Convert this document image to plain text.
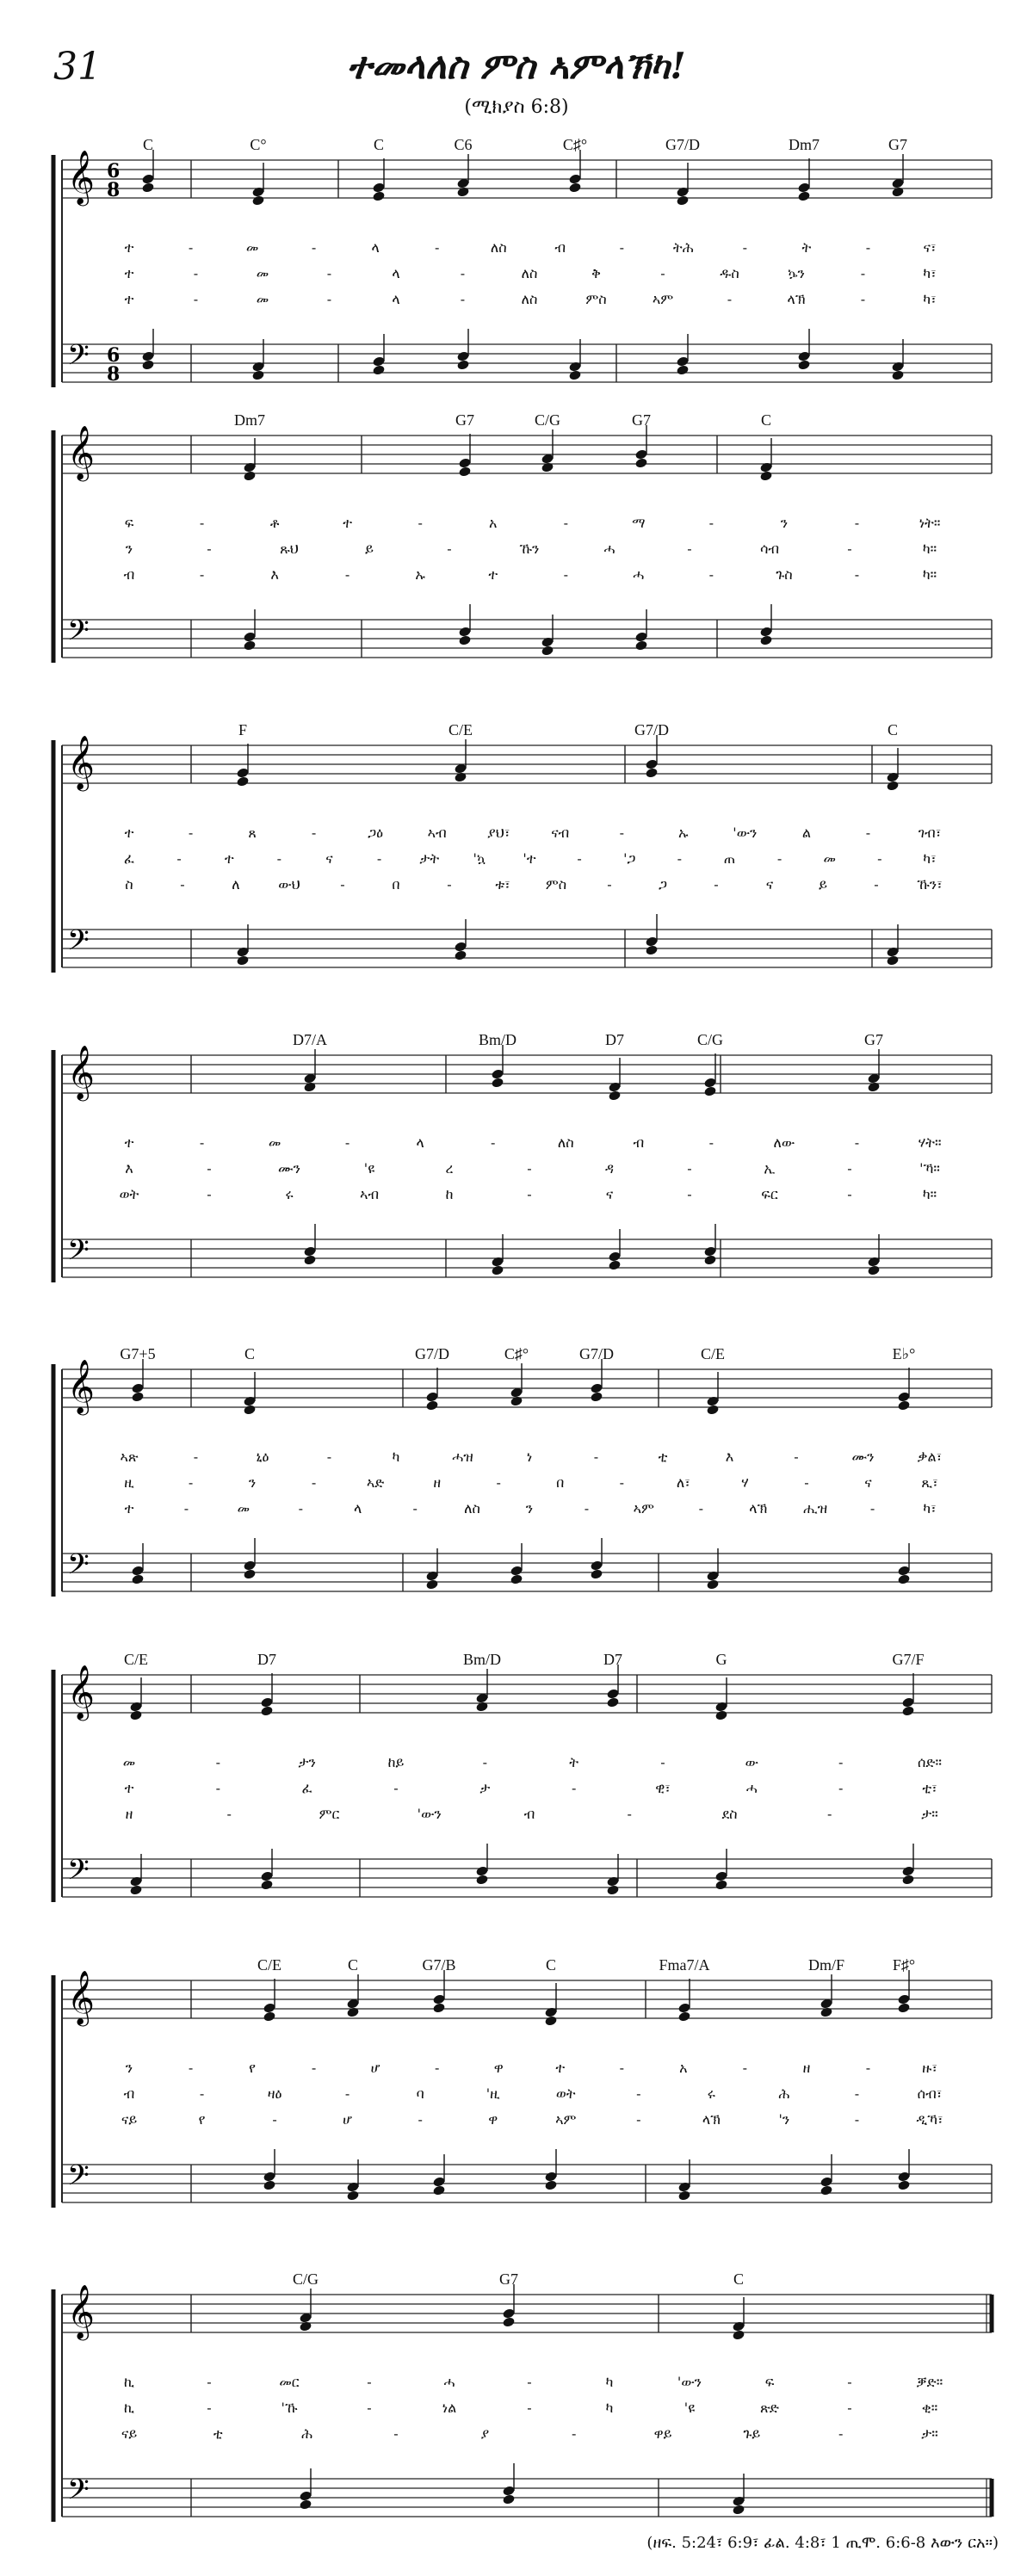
31	ተመላለስ ምስ ኣምላኽካ!
(ሚክያስ 6:8)
𝄞
𝄢
6
8
6
8
C	C°	C	C6	C♯°	G7/D	Dm7	G7
ተ	-	መ	-	ላ	-	ለስ	ብ	-	ትሕ	-	ት	-	ና፣
ተ	-	መ	-	ላ	-	ለስ	ቅ	-	ዱስ	ኴን	-	ካ፣
ተ	-	መ	-	ላ	-	ለስ	ምስ	ኣም	-	ላኽ	-	ካ፣
𝄞
𝄢
Dm7	G7	C/G	G7	C
ፍ	-	ቶ	ተ	-	አ	-	ማ	-	ን	-	ነት።
ን	-	ጹህ	ይ	-	ኹን	ሓ	-	ሳብ	-	ካ።
ብ	-	እ	-	ኡ	ተ	-	ሓ	-	ጉስ	-	ካ።
𝄞
𝄢
F	C/E	G7/D	C
ተ	-	ጸ	-	ጋዕ	ኣብ	ያህ፣	ናብ	-	ኡ	'ውን	ል	-	ገብ፣
ፈ	-	ተ	-	ና	-	ታት 'ኳ	'ተ	-	'ጋ	-	ጠ	-	መ	-	ካ፣
ስ	-	ለ	ውህ	-	በ	-	ቱ፣	ምስ	-	ጋ	-	ና	ይ	-	ኹን፣
𝄞
𝄢
D7/A	Bm/D	D7	C/G	G7
ተ	-	መ	-	ላ	-	ለስ	ብ	-	ለው	-	ሃት።
እ	-	ሙን	'ዩ	ረ	-	ዳ	-	ኢ	-	'ኻ።
ወት	-	ሩ	ኣብ	ከ	-	ና	-	ፍር	-	ካ።
𝄞
𝄢
G7+5	C	G7/D	C♯°	G7/D	C/E	E♭°
ኣጽ	-	ኒዕ	-	ካ	ሓዝ	ነ	-	ቲ	እ	-	ሙን	ቃል፣
ዚ	-	ን	-	ኣድ	ዘ	-	በ	-	ለ፣	ሃ	-	ና	ጺ፣
ተ	-	መ	-	ላ	-	ለስ	ን	-	ኣም	-	ላኽ	ሒዝ	-	ካ፣
𝄞
𝄢
C/E	D7	Bm/D	D7	G	G7/F
መ	-	ታን	ከይ	-	ት	-	ው	-	ሰድ።
ተ	-	ፈ	-	ታ	-	ዊ፣	ሓ	-	ቲ፣
ዘ	-	ምር	'ውን	ብ	-	ደስ	-	ታ።
𝄞
𝄢
C/E	C	G7/B	C	Fma7/A	Dm/F	F♯°
ን	-	የ	-	ሆ	-	ዋ	ተ	-	አ	-	ዘ	-	ዙ፣
ብ	-	ዛዕ	-	ባ	'ዚ	ወት	-	ሩ	ሕ	-	ሰብ፣
ናይ	የ	-	ሆ	-	ዋ	ኣም	-	ላኽ	'ን	-	ዲኻ፣
𝄞
𝄢
C/G	G7	C
ኪ	-	መር	-	ሓ	-	ካ	'ውን	ፍ	-	ቓድ።
ኪ	-	'ኹ	-	ነል	-	ካ	'ዩ	ጽድ	-	ቂ።
ናይ	ቲ	ሕ	-	ያ	-	ዋይ	ጉይ	-	ታ።
(ዘፍ. 5:24፣ 6:9፣ ፊል. 4:8፣ 1 ጢሞ. 6:6-8 እውን ርአ።)
